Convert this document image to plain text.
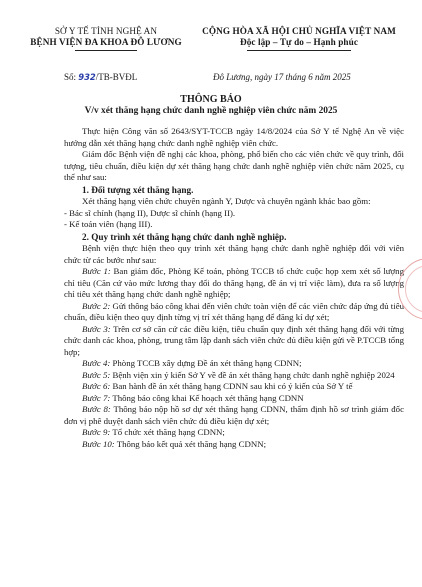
SỞ Y TẾ TỈNH NGHỆ AN
BỆNH VIỆN ĐA KHOA ĐÔ LƯƠNG
CỘNG HÒA XÃ HỘI CHỦ NGHĨA VIỆT NAM
Độc lập – Tự do – Hạnh phúc
Số: 932/TB-BVĐL	Đô Lương, ngày 17 tháng 6 năm 2025
THÔNG BÁO
V/v xét thăng hạng chức danh nghề nghiệp viên chức năm 2025

Thực hiện Công văn số 2643/SYT-TCCB ngày 14/8/2024 của Sở Y tế Nghệ An về việc hướng dẫn xét thăng hạng chức danh nghề nghiệp viên chức.

Giám đốc Bệnh viện đề nghị các khoa, phòng, phổ biến cho các viên chức về quy trình, đối tượng, tiêu chuẩn, điều kiện dự xét thăng hạng chức danh nghề nghiệp viên chức năm 2025, cụ thể như sau:

1. Đối tượng xét thăng hạng.

Xét thăng hạng viên chức chuyên ngành Y, Dược và chuyên ngành khác bao gồm:

- Bác sĩ chính (hạng II), Dược sĩ chính (hạng II).

- Kế toán viên (hạng III).

2. Quy trình xét thăng hạng chức danh nghề nghiệp.

Bệnh viện thực hiện theo quy trình xét thăng hạng chức danh nghề nghiệp đối với viên chức từ các bước như sau:

Bước 1: Ban giám đốc, Phòng Kế toán, phòng TCCB tổ chức cuộc họp xem xét số lượng chỉ tiêu (Căn cứ vào mức lương thay đổi do thăng hạng, đề án vị trí việc làm), đưa ra số lượng chỉ tiêu xét thăng hạng chức danh nghề nghiệp;

Bước 2: Gửi thông báo công khai đến viên chức toàn viện để các viên chức đáp ứng đủ tiêu chuẩn, điều kiện theo quy định từng vị trí xét thăng hạng để đăng kí dự xét;

Bước 3: Trên cơ sở căn cứ các điều kiện, tiêu chuẩn quy định xét thăng hạng đối với từng chức danh các khoa, phòng, trung tâm lập danh sách viên chức đủ điều kiện gửi về P.TCCB tổng hợp;

Bước 4: Phòng TCCB xây dựng Đề án xét thăng hạng CDNN;

Bước 5: Bệnh viện xin ý kiến Sở Y về đề án xét thăng hạng chức danh nghề nghiệp 2024

Bước 6: Ban hành đề án xét thăng hạng CDNN sau khi có ý kiến của Sở Y tế

Bước 7: Thông báo công khai Kế hoạch xét thăng hạng CDNN

Bước 8: Thông báo nộp hồ sơ dự xét thăng hạng CDNN, thẩm định hồ sơ trình giám đốc đơn vị phê duyệt danh sách viên chức đủ điều kiện dự xét;

Bước 9: Tổ chức xét thăng hạng CDNN;

Bước 10: Thông báo kết quả xét thăng hạng CDNN;
